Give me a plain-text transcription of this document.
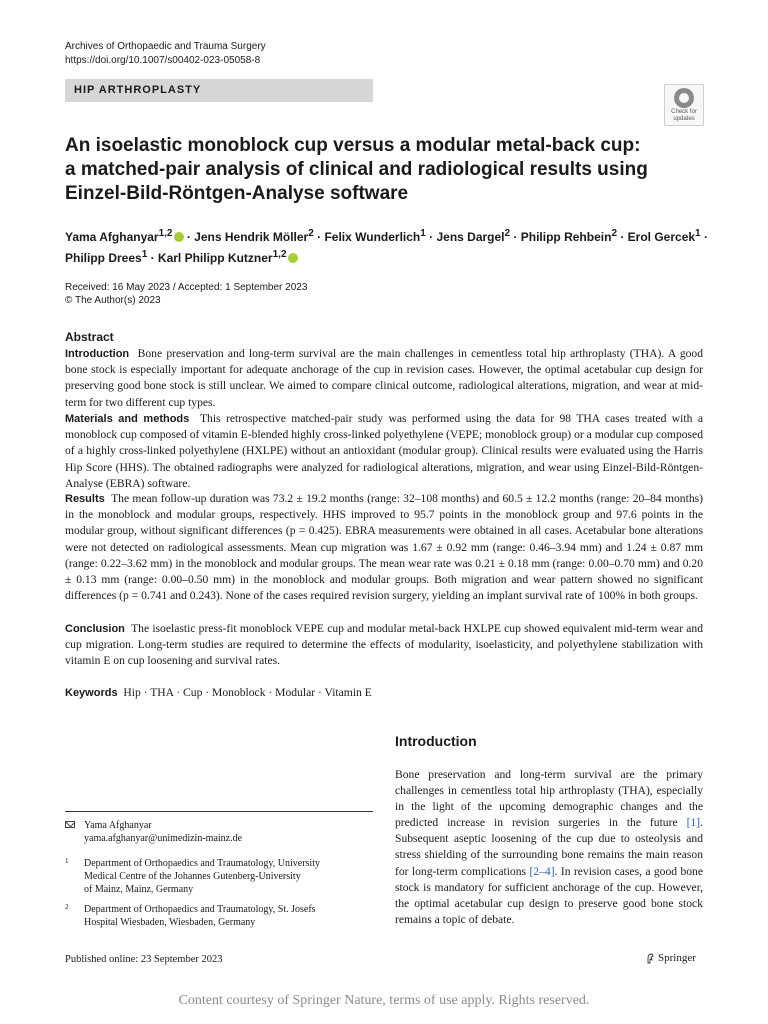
Archives of Orthopaedic and Trauma Surgery
https://doi.org/10.1007/s00402-023-05058-8
HIP ARTHROPLASTY
Check for
updates
An isoelastic monoblock cup versus a modular metal-back cup:
a matched-pair analysis of clinical and radiological results using
Einzel-Bild-Röntgen-Analyse software
Yama Afghanyar$^{1,2}$ · Jens Hendrik Möller$^2$ · Felix Wunderlich$^1$ · Jens Dargel$^2$ · Philipp Rehbein$^2$ · Erol Gercek$^1$ ·
Philipp Drees$^1$ · Karl Philipp Kutzner$^{1,2}$
Received: 16 May 2023 / Accepted: 1 September 2023
© The Author(s) 2023
Abstract
Introduction Bone preservation and long-term survival are the main challenges in cementless total hip arthroplasty (THA). A good bone stock is especially important for adequate anchorage of the cup in revision cases. However, the optimal acetabular cup design for preserving good bone stock is still unclear. We aimed to compare clinical outcome, radiological alterations, migration, and wear at mid-term for two different cup types.
Materials and methods This retrospective matched-pair study was performed using the data for 98 THA cases treated with a monoblock cup composed of vitamin E-blended highly cross-linked polyethylene (VEPE; monoblock group) or a modular cup composed of a highly cross-linked polyethylene (HXLPE) without an antioxidant (modular group). Clinical results were evaluated using the Harris Hip Score (HHS). The obtained radiographs were analyzed for radiological alterations, migration, and wear using Einzel-Bild-Röntgen-Analyse (EBRA) software.
Results The mean follow-up duration was 73.2 ± 19.2 months (range: 32–108 months) and 60.5 ± 12.2 months (range: 20–84 months) in the monoblock and modular groups, respectively. HHS improved to 95.7 points in the monoblock group and 97.6 points in the modular group, without significant differences (p = 0.425). EBRA measurements were obtained in all cases. Acetabular bone alterations were not detected on radiological assessments. Mean cup migration was 1.67 ± 0.92 mm (range: 0.46–3.94 mm) and 1.24 ± 0.87 mm (range: 0.22–3.62 mm) in the monoblock and modular groups. The mean wear rate was 0.21 ± 0.18 mm (range: 0.00–0.70 mm) and 0.20 ± 0.13 mm (range: 0.00–0.50 mm) in the monoblock and modular groups. Both migration and wear pattern showed no significant differences (p = 0.741 and 0.243). None of the cases required revision surgery, yielding an implant survival rate of 100% in both groups.
Conclusion The isoelastic press-fit monoblock VEPE cup and modular metal-back HXLPE cup showed equivalent mid-term wear and cup migration. Long-term studies are required to determine the effects of modularity, isoelasticity, and polyethylene stabilization with vitamin E on cup loosening and survival rates.
Keywords Hip · THA · Cup · Monoblock · Modular · Vitamin E
Introduction
Bone preservation and long-term survival are the primary challenges in cementless total hip arthroplasty (THA), especially in the light of the upcoming demographic changes and the predicted increase in revision surgeries in the future [1]. Subsequent aseptic loosening of the cup due to osteolysis and stress shielding of the surrounding bone remains the main reason for long-term complications [2–4]. In revision cases, a good bone stock is mandatory for sufficient anchorage of the cup. However, the optimal acetabular cup design to preserve good bone stock remains a topic of debate.
Yama Afghanyar
yama.afghanyar@unimedizin-mainz.de
1 Department of Orthopaedics and Traumatology, University
Medical Centre of the Johannes Gutenberg-University
of Mainz, Mainz, Germany
2 Department of Orthopaedics and Traumatology, St. Josefs
Hospital Wiesbaden, Wiesbaden, Germany
Published online: 23 September 2023	Springer
Content courtesy of Springer Nature, terms of use apply. Rights reserved.
